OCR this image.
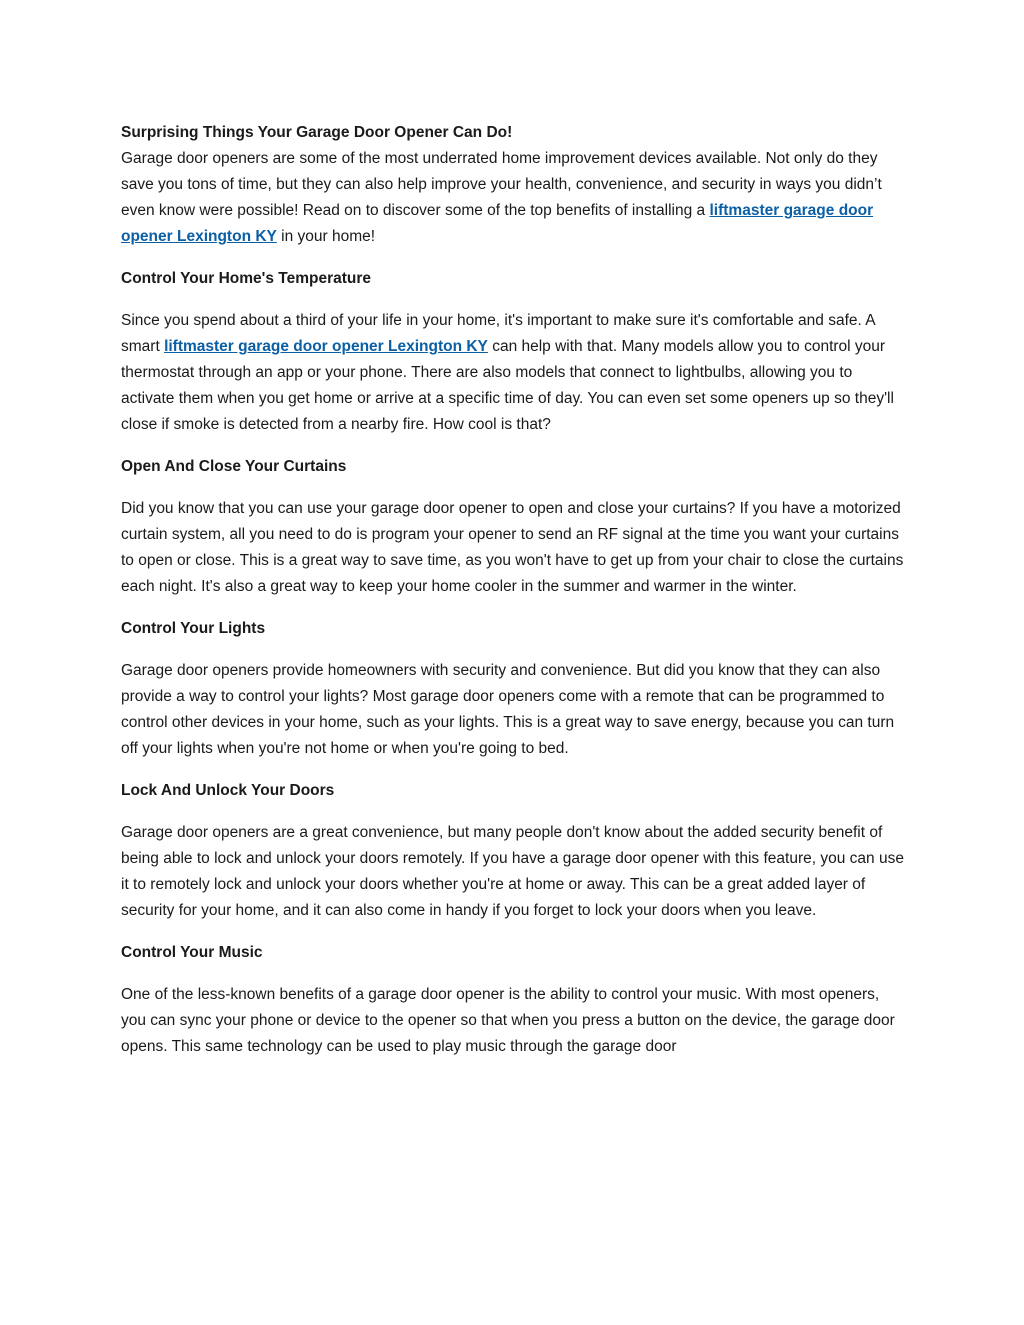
Surprising Things Your Garage Door Opener Can Do!

Garage door openers are some of the most underrated home improvement devices available. Not only do they save you tons of time, but they can also help improve your health, convenience, and security in ways you didn’t even know were possible! Read on to discover some of the top benefits of installing a liftmaster garage door opener Lexington KY in your home!

Control Your Home's Temperature

Since you spend about a third of your life in your home, it's important to make sure it's comfortable and safe. A smart liftmaster garage door opener Lexington KY can help with that. Many models allow you to control your thermostat through an app or your phone. There are also models that connect to lightbulbs, allowing you to activate them when you get home or arrive at a specific time of day. You can even set some openers up so they'll close if smoke is detected from a nearby fire. How cool is that?

Open And Close Your Curtains

Did you know that you can use your garage door opener to open and close your curtains? If you have a motorized curtain system, all you need to do is program your opener to send an RF signal at the time you want your curtains to open or close. This is a great way to save time, as you won't have to get up from your chair to close the curtains each night. It's also a great way to keep your home cooler in the summer and warmer in the winter.

Control Your Lights

Garage door openers provide homeowners with security and convenience. But did you know that they can also provide a way to control your lights? Most garage door openers come with a remote that can be programmed to control other devices in your home, such as your lights. This is a great way to save energy, because you can turn off your lights when you're not home or when you're going to bed.

Lock And Unlock Your Doors

Garage door openers are a great convenience, but many people don't know about the added security benefit of being able to lock and unlock your doors remotely. If you have a garage door opener with this feature, you can use it to remotely lock and unlock your doors whether you're at home or away. This can be a great added layer of security for your home, and it can also come in handy if you forget to lock your doors when you leave.

Control Your Music

One of the less-known benefits of a garage door opener is the ability to control your music. With most openers, you can sync your phone or device to the opener so that when you press a button on the device, the garage door opens. This same technology can be used to play music through the garage door
